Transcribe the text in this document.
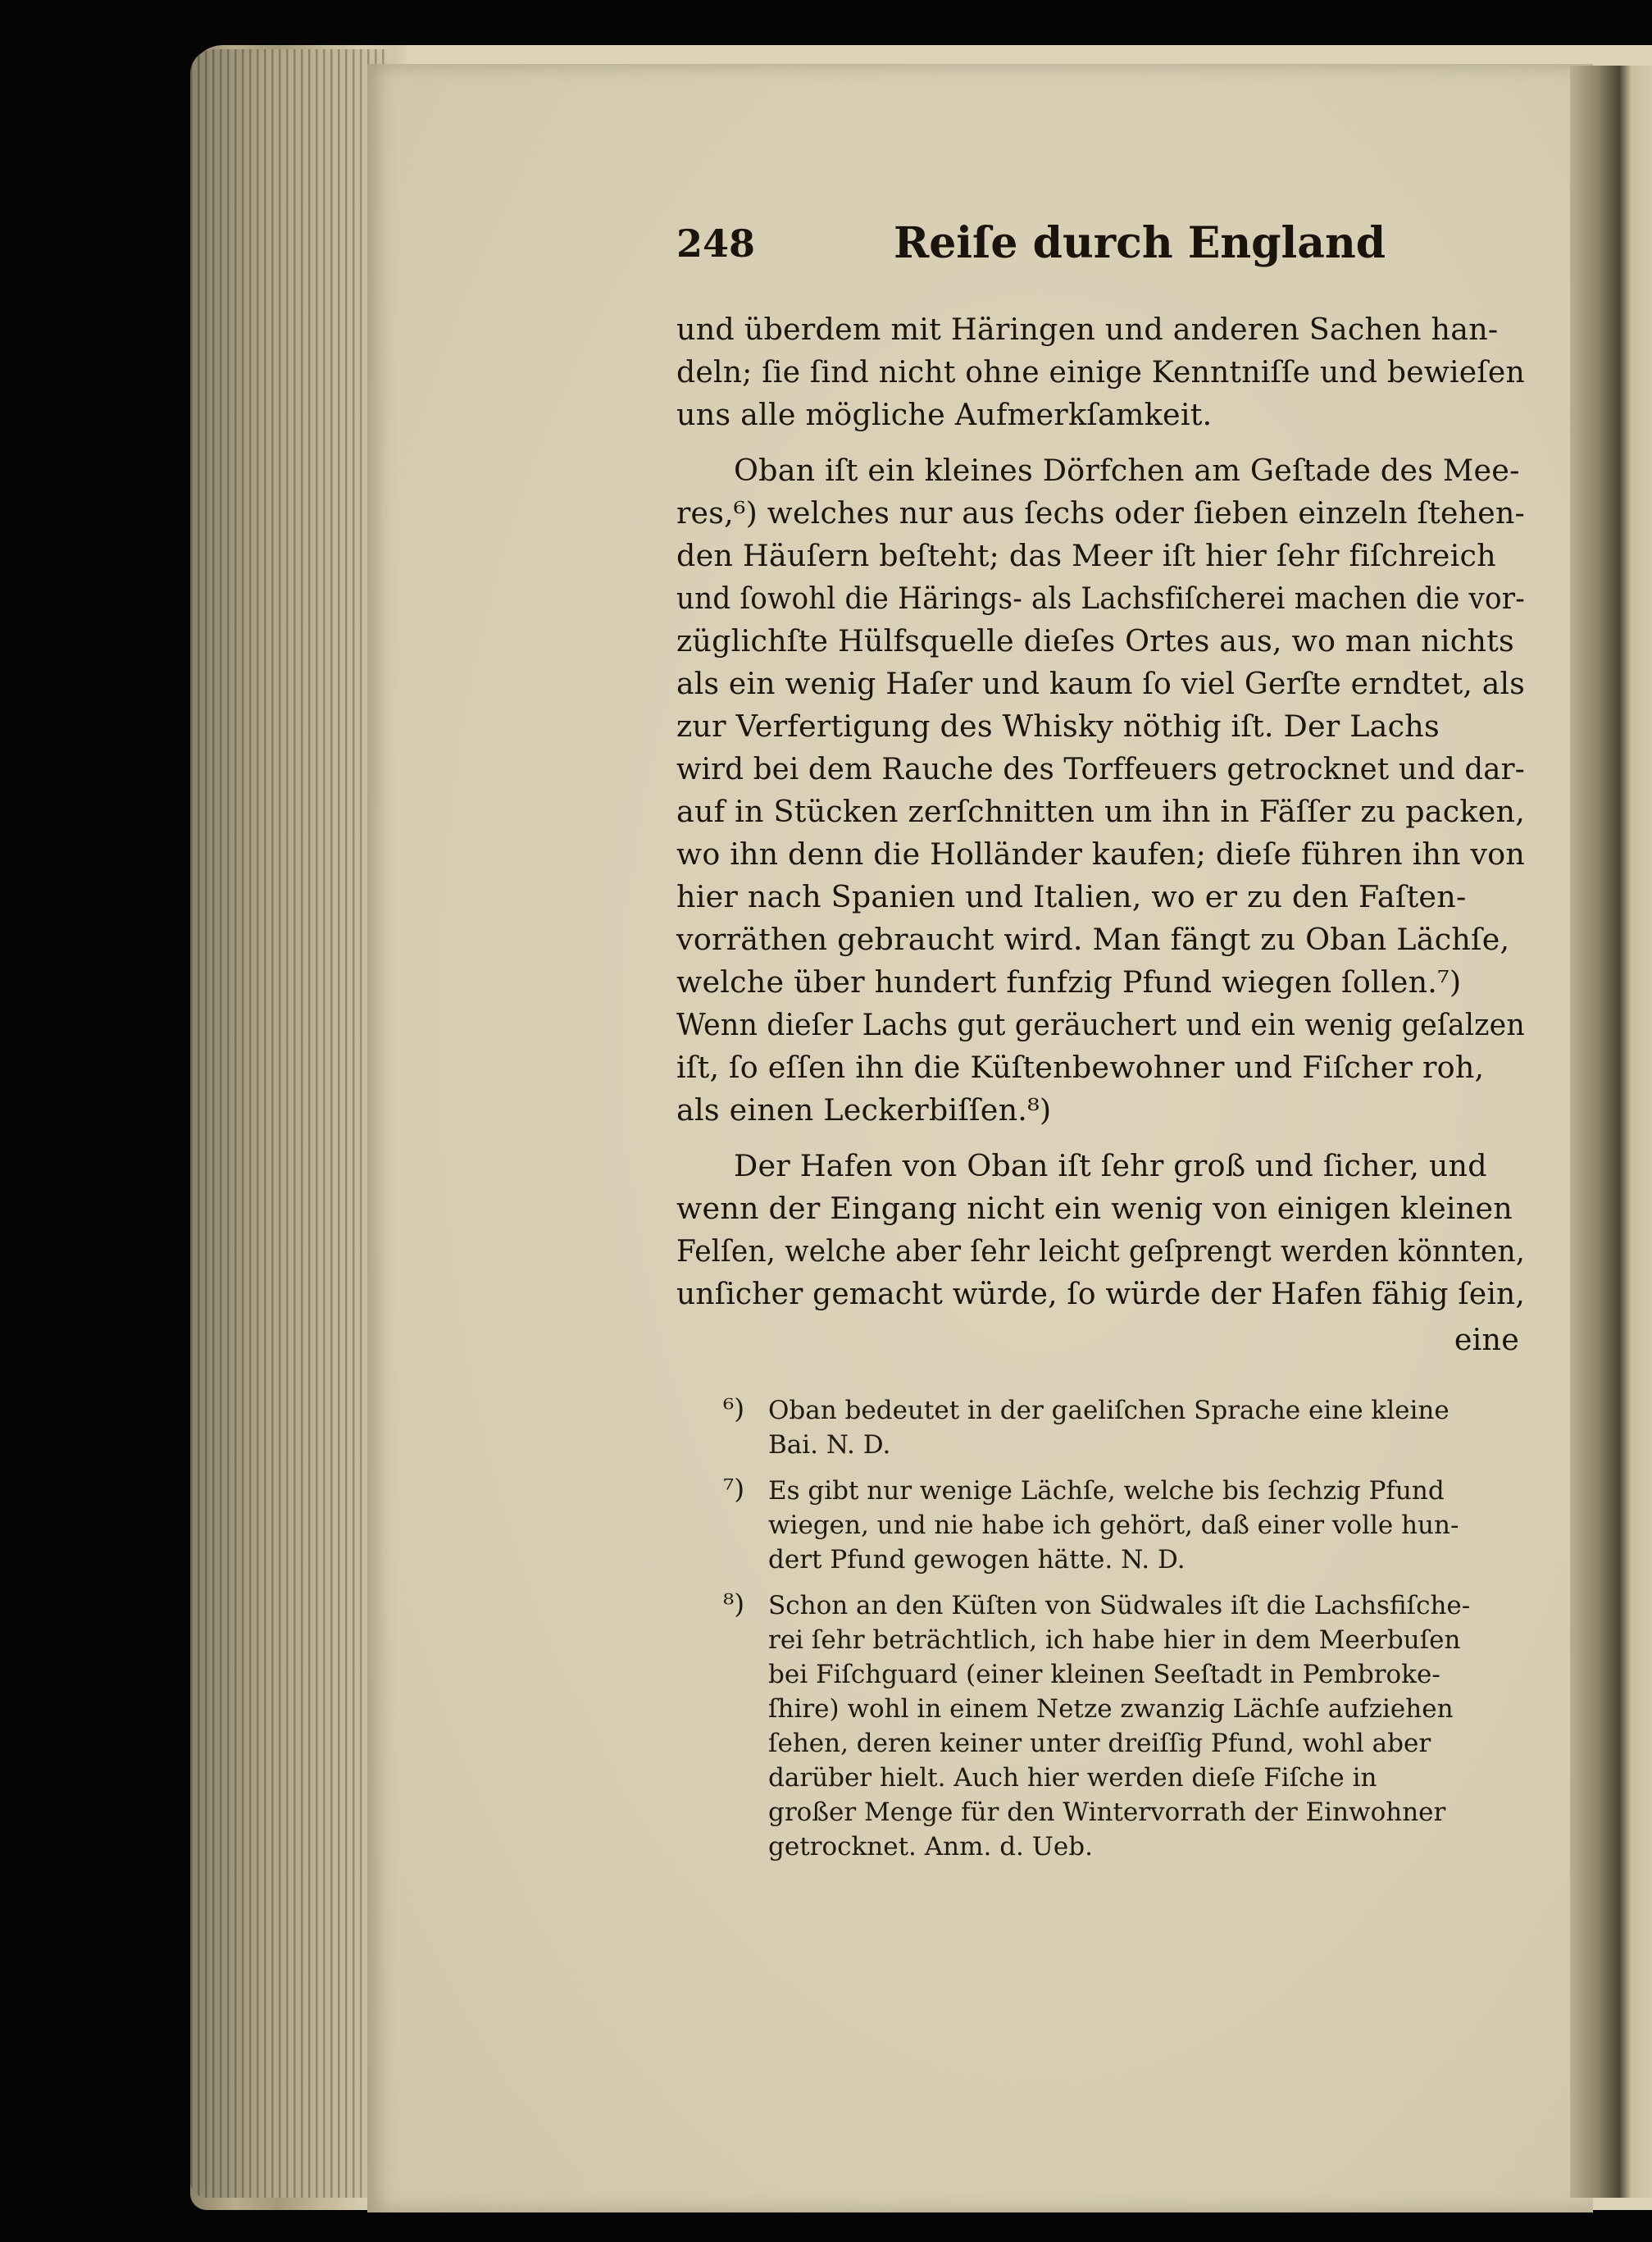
248	Reiſe durch England
und überdem mit Häringen und anderen Sachen han-
deln; ſie ſind nicht ohne einige Kenntniſſe und bewieſen
uns alle mögliche Aufmerkſamkeit.
Oban iſt ein kleines Dörfchen am Geſtade des Mee-
res,⁶) welches nur aus ſechs oder ſieben einzeln ſtehen-
den Häuſern beſteht; das Meer iſt hier ſehr fiſchreich
und ſowohl die Härings- als Lachsfiſcherei machen die vor-
züglichſte Hülfsquelle dieſes Ortes aus, wo man nichts
als ein wenig Haſer und kaum ſo viel Gerſte erndtet, als
zur Verfertigung des Whisky nöthig iſt. Der Lachs
wird bei dem Rauche des Torffeuers getrocknet und dar-
auf in Stücken zerſchnitten um ihn in Fäſſer zu packen,
wo ihn denn die Holländer kaufen; dieſe führen ihn von
hier nach Spanien und Italien, wo er zu den Faſten-
vorräthen gebraucht wird. Man fängt zu Oban Lächſe,
welche über hundert funfzig Pfund wiegen ſollen.⁷)
Wenn dieſer Lachs gut geräuchert und ein wenig geſalzen
iſt, ſo eſſen ihn die Küſtenbewohner und Fiſcher roh,
als einen Leckerbiſſen.⁸)
Der Hafen von Oban iſt ſehr groß und ſicher, und
wenn der Eingang nicht ein wenig von einigen kleinen
Felſen, welche aber ſehr leicht geſprengt werden könnten,
unſicher gemacht würde, ſo würde der Hafen fähig ſein,
eine
⁶) Oban bedeutet in der gaeliſchen Sprache eine kleine
Bai. N. D.
⁷) Es gibt nur wenige Lächſe, welche bis ſechzig Pfund
wiegen, und nie habe ich gehört, daß einer volle hun-
dert Pfund gewogen hätte. N. D.
⁸) Schon an den Küſten von Südwales iſt die Lachsfiſche-
rei ſehr beträchtlich, ich habe hier in dem Meerbuſen
bei Fiſchguard (einer kleinen Seeſtadt in Pembroke-
ſhire) wohl in einem Netze zwanzig Lächſe aufziehen
ſehen, deren keiner unter dreiſſig Pfund, wohl aber
darüber hielt. Auch hier werden dieſe Fiſche in
großer Menge für den Wintervorrath der Einwohner
getrocknet. Anm. d. Ueb.
